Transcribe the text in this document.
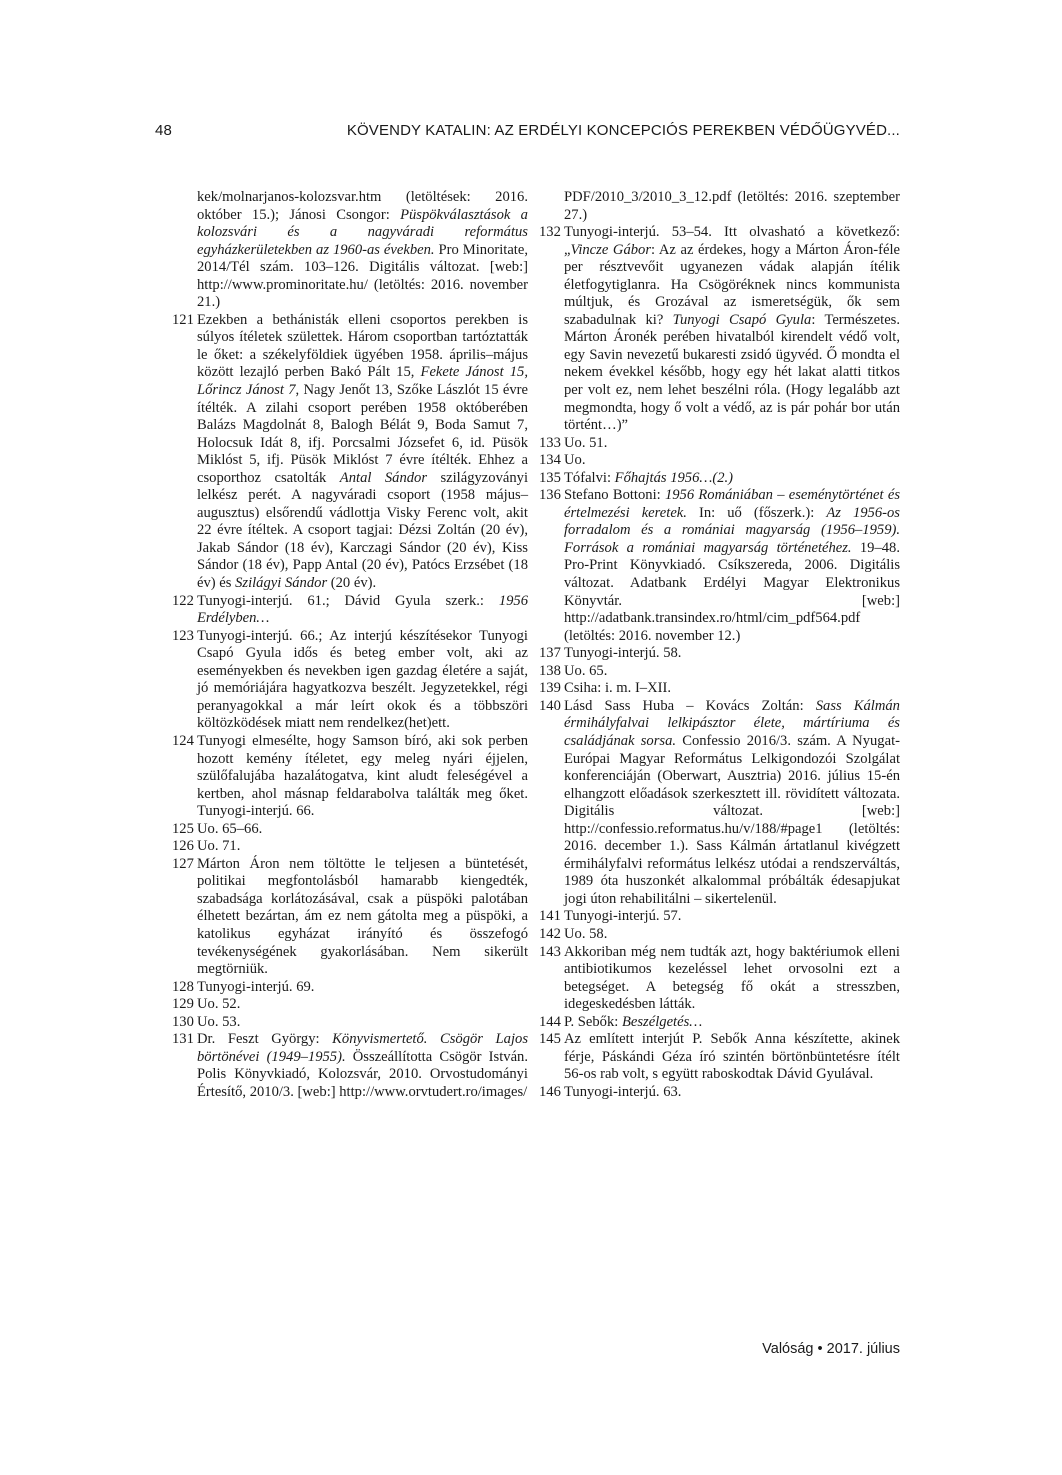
48	KÖVENDY KATALIN: AZ ERDÉLYI KONCEPCIÓS PEREKBEN VÉDŐÜGYVÉD...

kek/molnarjanos-kolozsvar.htm (letöltések: 2016. október 15.); Jánosi Csongor: Püspökválasztások a kolozsvári és a nagyváradi református egyházkerületekben az 1960-as években. Pro Minoritate, 2014/Tél szám. 103–126. Digitális változat. [web:] http://www.prominoritate.hu/ (letöltés: 2016. november 21.)

121 Ezekben a bethánisták elleni csoportos perekben is súlyos ítéletek születtek. Három csoportban tartóztatták le őket: a székelyföldiek ügyében 1958. április–május között lezajló perben Bakó Pált 15, Fekete Jánost 15, Lőrincz Jánost 7, Nagy Jenőt 13, Szőke Lászlót 15 évre ítélték. A zilahi csoport perében 1958 októberében Balázs Magdolnát 8, Balogh Bélát 9, Boda Samut 7, Holocsuk Idát 8, ifj. Porcsalmi Józsefet 6, id. Püsök Miklóst 5, ifj. Püsök Miklóst 7 évre ítélték. Ehhez a csoporthoz csatolták Antal Sándor szilágyzoványi lelkész perét. A nagyváradi csoport (1958 május–augusztus) elsőrendű vádlottja Visky Ferenc volt, akit 22 évre ítéltek. A csoport tagjai: Dézsi Zoltán (20 év), Jakab Sándor (18 év), Karczagi Sándor (20 év), Kiss Sándor (18 év), Papp Antal (20 év), Patócs Erzsébet (18 év) és Szilágyi Sándor (20 év).

122 Tunyogi-interjú. 61.; Dávid Gyula szerk.: 1956 Erdélyben…

123 Tunyogi-interjú. 66.; Az interjú készítésekor Tunyogi Csapó Gyula idős és beteg ember volt, aki az eseményekben és nevekben igen gazdag életére a saját, jó memóriájára hagyatkozva beszélt. Jegyzetekkel, régi peranyagokkal a már leírt okok és a többszöri költözködések miatt nem rendelkez(het)ett.

124 Tunyogi elmesélte, hogy Samson bíró, aki sok perben hozott kemény ítéletet, egy meleg nyári éjjelen, szülőfalujába hazalátogatva, kint aludt feleségével a kertben, ahol másnap feldarabolva találták meg őket. Tunyogi-interjú. 66.

125 Uo. 65–66.

126 Uo. 71.

127 Márton Áron nem töltötte le teljesen a büntetését, politikai megfontolásból hamarabb kiengedték, szabadsága korlátozásával, csak a püspöki palotában élhetett bezártan, ám ez nem gátolta meg a püspöki, a katolikus egyházat irányító és összefogó tevékenységének gyakorlásában. Nem sikerült megtörniük.

128 Tunyogi-interjú. 69.

129 Uo. 52.

130 Uo. 53.

131 Dr. Feszt György: Könyvismertető. Csögör Lajos börtönévei (1949–1955). Összeállította Csögör István. Polis Könyvkiadó, Kolozsvár, 2010. Orvostudományi Értesítő, 2010/3. [web:] http://www.orvtudert.ro/images/

PDF/2010_3/2010_3_12.pdf (letöltés: 2016. szeptember 27.)

132 Tunyogi-interjú. 53–54. Itt olvasható a következő: „Vincze Gábor: Az az érdekes, hogy a Márton Áron-féle per résztvevőit ugyanezen vádak alapján ítélik életfogytiglanra. Ha Csögöréknek nincs kommunista múltjuk, és Grozával az ismeretségük, ők sem szabadulnak ki? Tunyogi Csapó Gyula: Természetes. Márton Áronék perében hivatalból kirendelt védő volt, egy Savin nevezetű bukaresti zsidó ügyvéd. Ő mondta el nekem évekkel később, hogy egy hét lakat alatti titkos per volt ez, nem lehet beszélni róla. (Hogy legalább azt megmondta, hogy ő volt a védő, az is pár pohár bor után történt…)”

133 Uo. 51.

134 Uo.

135 Tófalvi: Főhajtás 1956…(2.)

136 Stefano Bottoni: 1956 Romániában – eseménytörténet és értelmezési keretek. In: uő (főszerk.): Az 1956-os forradalom és a romániai magyarság (1956–1959). Források a romániai magyarság történetéhez. 19–48. Pro-Print Könyvkiadó. Csíkszereda, 2006. Digitális változat. Adatbank Erdélyi Magyar Elektronikus Könyvtár. [web:] http://adatbank.transindex.ro/html/cim_pdf564.pdf (letöltés: 2016. november 12.)

137 Tunyogi-interjú. 58.

138 Uo. 65.

139 Csiha: i. m. I–XII.

140 Lásd Sass Huba – Kovács Zoltán: Sass Kálmán érmihályfalvai lelkipásztor élete, mártíriuma és családjának sorsa. Confessio 2016/3. szám. A Nyugat-Európai Magyar Református Lelkigondozói Szolgálat konferenciáján (Oberwart, Ausztria) 2016. július 15-én elhangzott előadások szerkesztett ill. rövidített változata. Digitális változat. [web:] http://confessio.reformatus.hu/v/188/#page1 (letöltés: 2016. december 1.). Sass Kálmán ártatlanul kivégzett érmihályfalvi református lelkész utódai a rendszerváltás, 1989 óta huszonkét alkalommal próbálták édesapjukat jogi úton rehabilitálni – sikertelenül.

141 Tunyogi-interjú. 57.

142 Uo. 58.

143 Akkoriban még nem tudták azt, hogy baktériumok elleni antibiotikumos kezeléssel lehet orvosolni ezt a betegséget. A betegség fő okát a stresszben, idegeskedésben látták.

144 P. Sebők: Beszélgetés…

145 Az említett interjút P. Sebők Anna készítette, akinek férje, Páskándi Géza író szintén börtönbüntetésre ítélt 56-os rab volt, s együtt raboskodtak Dávid Gyulával.

146 Tunyogi-interjú. 63.

Valóság • 2017. július
